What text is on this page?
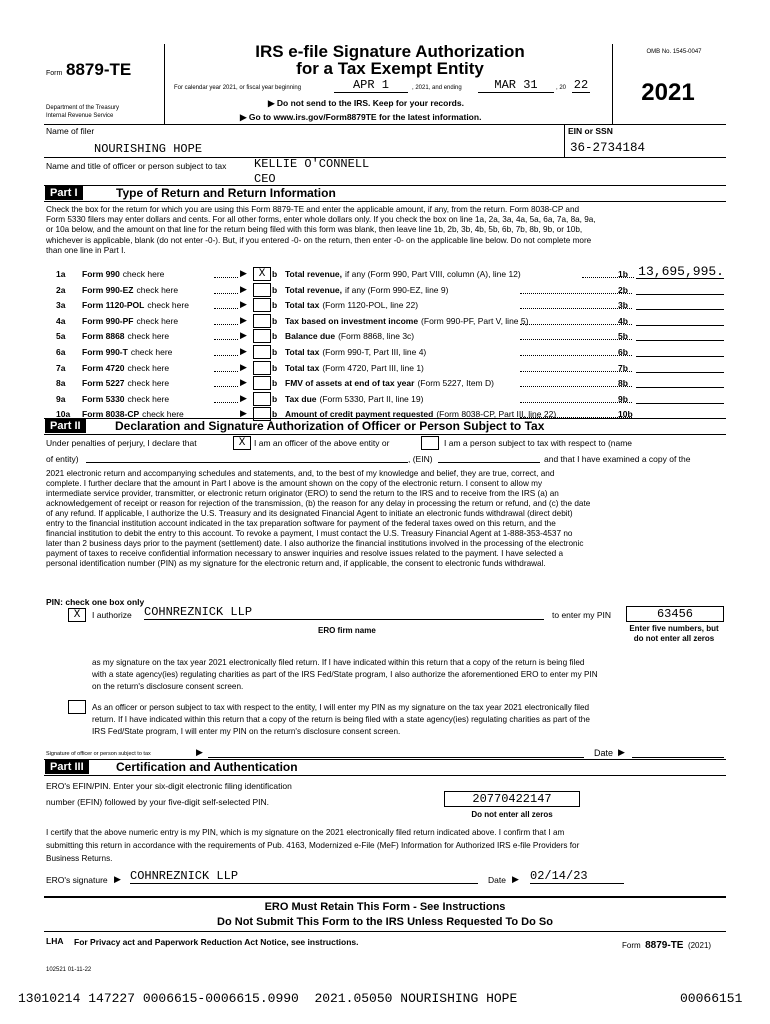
Form 8879-TE
Department of the Treasury
Internal Revenue Service
IRS e-file Signature Authorization
for a Tax Exempt Entity
For calendar year 2021, or fiscal year beginning	APR 1	, 2021, and ending	MAR 31	, 20 22
▶ Do not send to the IRS. Keep for your records.
▶ Go to www.irs.gov/Form8879TE for the latest information.
OMB No. 1545-0047
2021
Name of filer
NOURISHING HOPE
EIN or SSN
36-2734184
Name and title of officer or person subject to tax KELLIE O'CONNELL
CEO
Part I	Type of Return and Return Information
Check the box for the return for which you are using this Form 8879-TE and enter the applicable amount, if any, from the return. Form 8038-CP and
Form 5330 filers may enter dollars and cents. For all other forms, enter whole dollars only. If you check the box on line 1a, 2a, 3a, 4a, 5a, 6a, 7a, 8a, 9a,
or 10a below, and the amount on that line for the return being filed with this form was blank, then leave line 1b, 2b, 3b, 4b, 5b, 6b, 7b, 8b, 9b, or 10b,
whichever is applicable, blank (do not enter -0-). But, if you entered -0- on the return, then enter -0- on the applicable line below. Do not complete more
than one line in Part I.
1a Form 990 check here	▶	X b Total revenue, if any (Form 990, Part VIII, column (A), line 12)	1b 13,695,995.
2a Form 990-EZ check here	▶	b Total revenue, if any (Form 990-EZ, line 9)	2b
3a Form 1120-POL check here	▶	b Total tax (Form 1120-POL, line 22)	3b
4a Form 990-PF check here	▶	b Tax based on investment income (Form 990-PF, Part V, line 5)	4b
5a Form 8868 check here	▶	b Balance due (Form 8868, line 3c)	5b
6a Form 990-T check here	▶	b Total tax (Form 990-T, Part III, line 4)	6b
7a Form 4720 check here	▶	b Total tax (Form 4720, Part III, line 1)	7b
8a Form 5227 check here	▶	b FMV of assets at end of tax year (Form 5227, Item D)	8b
9a Form 5330 check here	▶	b Tax due (Form 5330, Part II, line 19)	9b
10a Form 8038-CP check here	▶	b Amount of credit payment requested (Form 8038-CP, Part III, line 22)	10b
Part II	Declaration and Signature Authorization of Officer or Person Subject to Tax
Under penalties of perjury, I declare that	X	I am an officer of the above entity or	I am a person subject to tax with respect to (name
of entity)	, (EIN)	and that I have examined a copy of the
2021 electronic return and accompanying schedules and statements, and, to the best of my knowledge and belief, they are true, correct, and
complete. I further declare that the amount in Part I above is the amount shown on the copy of the electronic return. I consent to allow my
intermediate service provider, transmitter, or electronic return originator (ERO) to send the return to the IRS and to receive from the IRS (a) an
acknowledgement of receipt or reason for rejection of the transmission, (b) the reason for any delay in processing the return or refund, and (c) the date
of any refund. If applicable, I authorize the U.S. Treasury and its designated Financial Agent to initiate an electronic funds withdrawal (direct debit)
entry to the financial institution account indicated in the tax preparation software for payment of the federal taxes owed on this return, and the
financial institution to debit the entry to this account. To revoke a payment, I must contact the U.S. Treasury Financial Agent at 1-888-353-4537 no
later than 2 business days prior to the payment (settlement) date. I also authorize the financial institutions involved in the processing of the electronic
payment of taxes to receive confidential information necessary to answer inquiries and resolve issues related to the payment. I have selected a
personal identification number (PIN) as my signature for the electronic return and, if applicable, the consent to electronic funds withdrawal.
PIN: check one box only
X	I authorize COHNREZNICK LLP	to enter my PIN	63456
ERO firm name	Enter five numbers, but
do not enter all zeros
as my signature on the tax year 2021 electronically filed return. If I have indicated within this return that a copy of the return is being filed
with a state agency(ies) regulating charities as part of the IRS Fed/State program, I also authorize the aforementioned ERO to enter my PIN
on the return's disclosure consent screen.
As an officer or person subject to tax with respect to the entity, I will enter my PIN as my signature on the tax year 2021 electronically filed
return. If I have indicated within this return that a copy of the return is being filed with a state agency(ies) regulating charities as part of the
IRS Fed/State program, I will enter my PIN on the return's disclosure consent screen.
Signature of officer or person subject to tax	▶	Date ▶
Part III	Certification and Authentication
ERO's EFIN/PIN. Enter your six-digit electronic filing identification
number (EFIN) followed by your five-digit self-selected PIN.	20770422147
Do not enter all zeros
I certify that the above numeric entry is my PIN, which is my signature on the 2021 electronically filed return indicated above. I confirm that I am
submitting this return in accordance with the requirements of Pub. 4163, Modernized e-File (MeF) Information for Authorized IRS e-file Providers for
Business Returns.
ERO's signature ▶ COHNREZNICK LLP	Date ▶ 02/14/23
ERO Must Retain This Form - See Instructions
Do Not Submit This Form to the IRS Unless Requested To Do So
LHA For Privacy act and Paperwork Reduction Act Notice, see instructions.	Form 8879-TE (2021)
102521 01-11-22
13010214 147227 0006615-0006615.0990  2021.05050 NOURISHING HOPE	00066151
